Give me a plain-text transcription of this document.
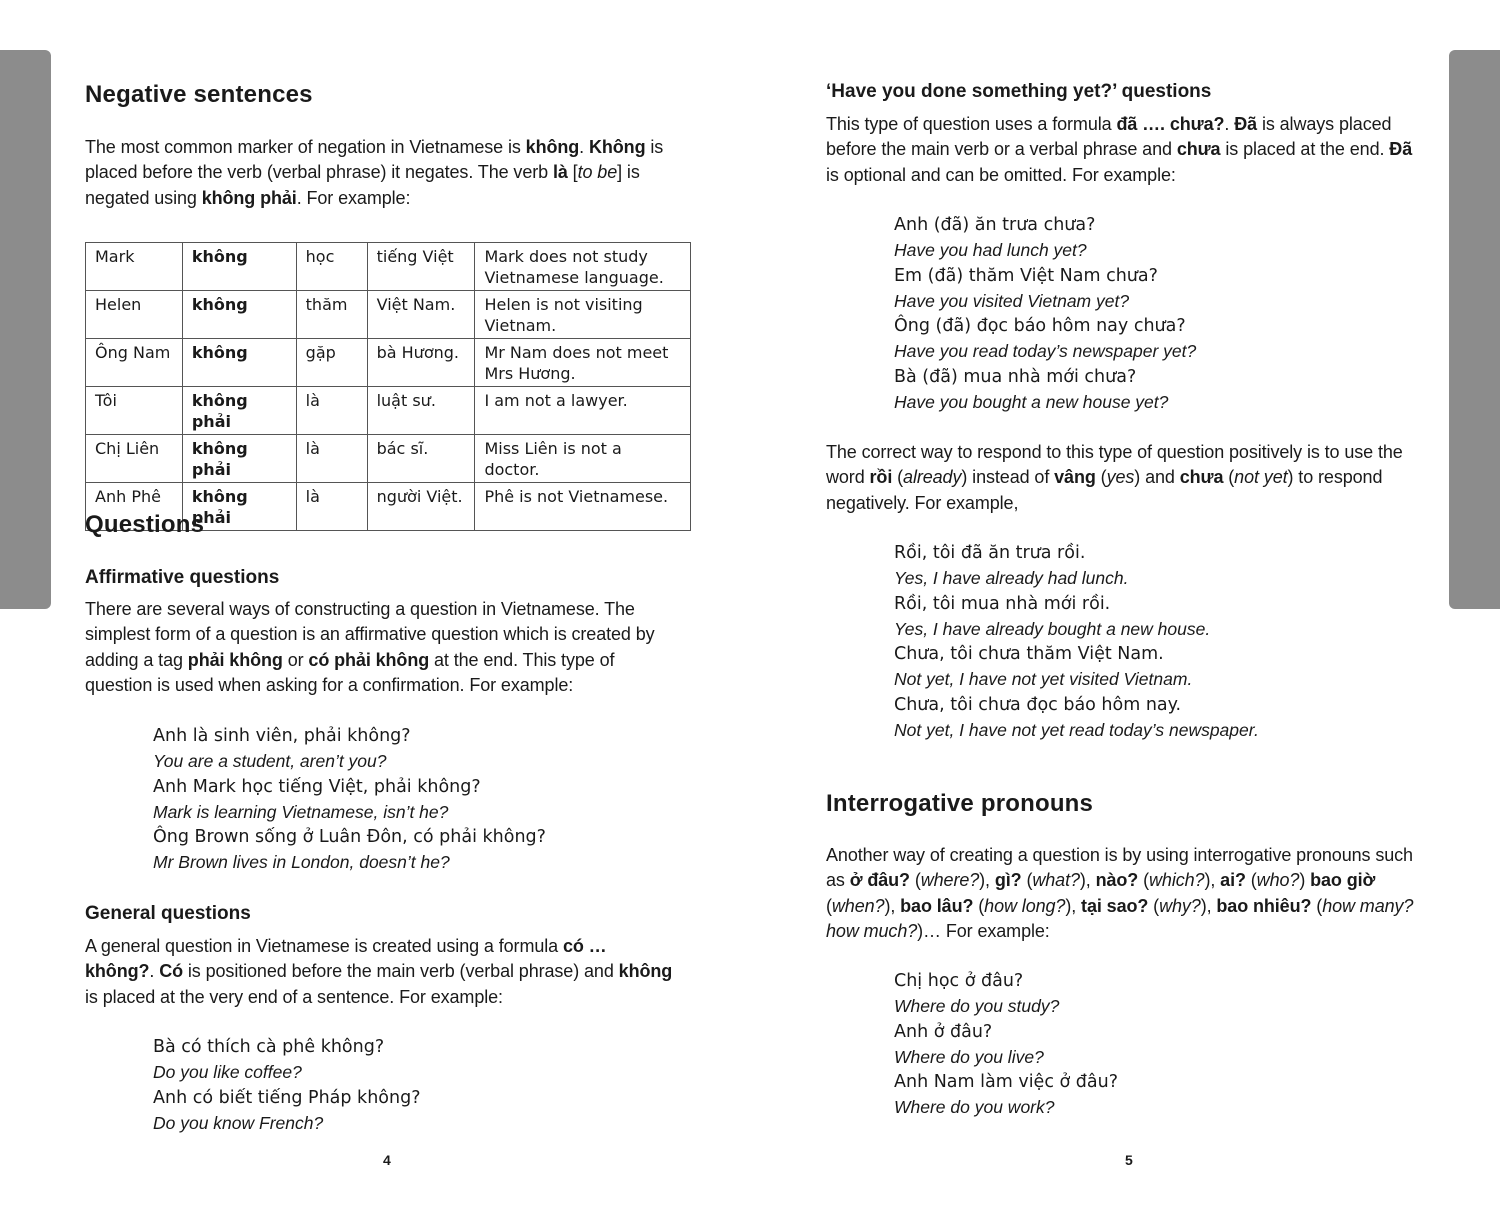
Negative sentences

The most common marker of negation in Vietnamese is không. Không is placed before the verb (verbal phrase) it negates. The verb là [to be] is negated using không phải. For example:

Mark	không	học	tiếng Việt	Mark does not study Vietnamese language.
Helen	không	thăm	Việt Nam.	Helen is not visiting Vietnam.
Ông Nam	không	gặp	bà Hương.	Mr Nam does not meet Mrs Hương.
Tôi	không phải	là	luật sư.	I am not a lawyer.
Chị Liên	không phải	là	bác sĩ.	Miss Liên is not a doctor.
Anh Phê	không phải	là	người Việt.	Phê is not Vietnamese.
Questions
Affirmative questions

There are several ways of constructing a question in Vietnamese. The simplest form of a question is an affirmative question which is created by adding a tag phải không or có phải không at the end. This type of question is used when asking for a confirmation. For example:

Anh là sinh viên, phải không?
You are a student, aren’t you?
Anh Mark học tiếng Việt, phải không?
Mark is learning Vietnamese, isn’t he?
Ông Brown sống ở Luân Đôn, có phải không?
Mr Brown lives in London, doesn’t he?
General questions

A general question in Vietnamese is created using a formula có … không?. Có is positioned before the main verb (verbal phrase) and không is placed at the very end of a sentence. For example:

Bà có thích cà phê không?
Do you like coffee?
Anh có biết tiếng Pháp không?
Do you know French?
4
‘Have you done something yet?’ questions

This type of question uses a formula đã …. chưa?. Đã is always placed before the main verb or a verbal phrase and chưa is placed at the end. Đã is optional and can be omitted. For example:

Anh (đã) ăn trưa chưa?
Have you had lunch yet?
Em (đã) thăm Việt Nam chưa?
Have you visited Vietnam yet?
Ông (đã) đọc báo hôm nay chưa?
Have you read today’s newspaper yet?
Bà (đã) mua nhà mới chưa?
Have you bought a new house yet?

The correct way to respond to this type of question positively is to use the word rồi (already) instead of vâng (yes) and chưa (not yet) to respond negatively. For example,

Rồi, tôi đã ăn trưa rồi.
Yes, I have already had lunch.
Rồi, tôi mua nhà mới rồi.
Yes, I have already bought a new house.
Chưa, tôi chưa thăm Việt Nam.
Not yet, I have not yet visited Vietnam.
Chưa, tôi chưa đọc báo hôm nay.
Not yet, I have not yet read today’s newspaper.
Interrogative pronouns

Another way of creating a question is by using interrogative pronouns such as ở đâu? (where?), gì? (what?), nào? (which?), ai? (who?) bao giờ (when?), bao lâu? (how long?), tại sao? (why?), bao nhiêu? (how many? how much?)… For example:

Chị học ở đâu?
Where do you study?
Anh ở đâu?
Where do you live?
Anh Nam làm việc ở đâu?
Where do you work?
5
